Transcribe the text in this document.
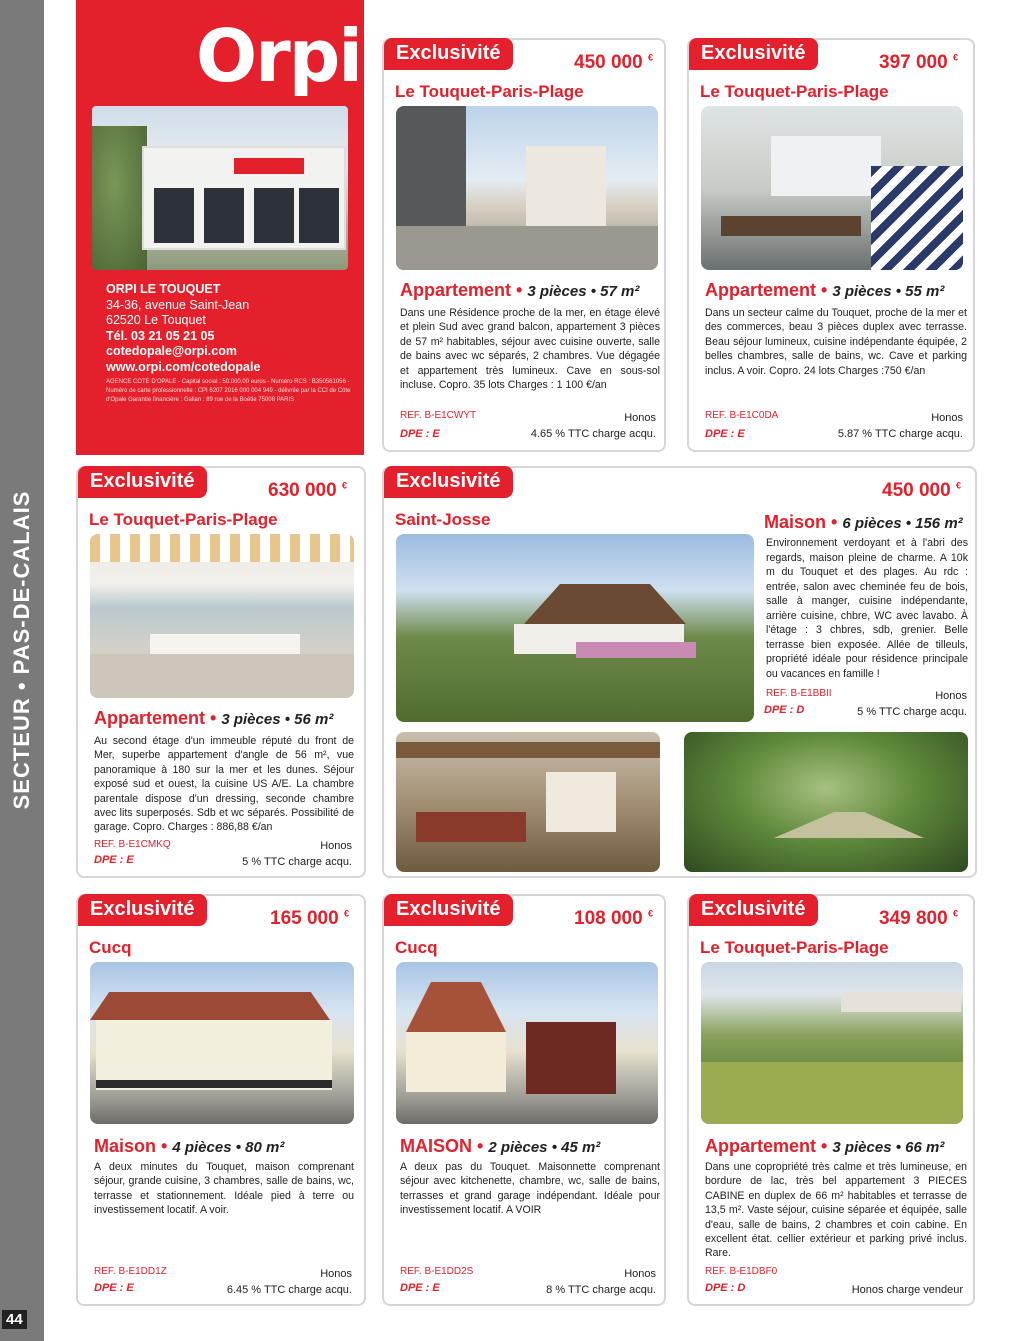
SECTEUR • PAS-DE-CALAIS
44
Orpi
ORPI LE TOUQUET
34-36, avenue Saint-Jean
62520 Le Touquet
Tél. 03 21 05 21 05
cotedopale@orpi.com
www.orpi.com/cotedopale
AGENCE COTE D'OPALE - Capital social : 50.000,00 euros - Numéro RCS : B350561056 - Numéro de carte professionnelle : CPI 6207 2016 000 004 949 - délivrée par la CCI de Côte d'Opale Garantie financière : Galian : 89 rue de la Boétie 75008 PARIS
Exclusivité	450 000 €
Le Touquet-Paris-Plage
Appartement • 3 pièces • 57 m²
Dans une Résidence proche de la mer, en étage élevé et plein Sud avec grand balcon, appartement 3 pièces de 57 m² habitables, séjour avec cuisine ouverte, salle de bains avec wc séparés, 2 chambres. Vue dégagée et appartement très lumineux. Cave en sous-sol incluse. Copro. 35 lots Charges : 1 100 €/an
REF. B-E1CWYT	Honos
DPE : E	4.65 % TTC charge acqu.
Exclusivité	397 000 €
Le Touquet-Paris-Plage
Appartement • 3 pièces • 55 m²
Dans un secteur calme du Touquet, proche de la mer et des commerces, beau 3 pièces duplex avec terrasse. Beau séjour lumineux, cuisine indépendante équipée, 2 belles chambres, salle de bains, wc. Cave et parking inclus. A voir. Copro. 24 lots Charges :750 €/an
REF. B-E1C0DA	Honos
DPE : E	5.87 % TTC charge acqu.
Exclusivité	630 000 €
Le Touquet-Paris-Plage
Appartement • 3 pièces • 56 m²
Au second étage d'un immeuble réputé du front de Mer, superbe appartement d'angle de 56 m², vue panoramique à 180 sur la mer et les dunes. Séjour exposé sud et ouest, la cuisine US A/E. La chambre parentale dispose d'un dressing, seconde chambre avec lits superposés. Sdb et wc séparés. Possibilité de garage. Copro. Charges : 886,88 €/an
REF. B-E1CMKQ	Honos
DPE : E	5 % TTC charge acqu.
Exclusivité	450 000 €
Saint-Josse	Maison • 6 pièces • 156 m²
Environnement verdoyant et à l'abri des regards, maison pleine de charme. A 10k m du Touquet et des plages. Au rdc : entrée, salon avec cheminée feu de bois, salle à manger, cuisine indépendante, arrière cuisine, chbre, WC avec lavabo. À l'étage : 3 chbres, sdb, grenier. Belle terrasse bien exposée. Allée de tilleuls, propriété idéale pour résidence principale ou vacances en famille !
REF. B-E1BBII	Honos
DPE : D	5 % TTC charge acqu.
Exclusivité	165 000 €
Cucq
Maison • 4 pièces • 80 m²
A deux minutes du Touquet, maison comprenant séjour, grande cuisine, 3 chambres, salle de bains, wc, terrasse et stationnement. Idéale pied à terre ou investissement locatif. A voir.
REF. B-E1DD1Z	Honos
DPE : E	6.45 % TTC charge acqu.
Exclusivité	108 000 €
Cucq
MAISON • 2 pièces • 45 m²
A deux pas du Touquet. Maisonnette comprenant séjour avec kitchenette, chambre, wc, salle de bains, terrasses et grand garage indépendant. Idéale pour investissement locatif. A VOIR
REF. B-E1DD2S	Honos
DPE : E	8 % TTC charge acqu.
Exclusivité	349 800 €
Le Touquet-Paris-Plage
Appartement • 3 pièces • 66 m²
Dans une copropriété très calme et très lumineuse, en bordure de lac, très bel appartement 3 PIECES CABINE en duplex de 66 m² habitables et terrasse de 13,5 m². Vaste séjour, cuisine séparée et équipée, salle d'eau, salle de bains, 2 chambres et coin cabine. En excellent état. cellier extérieur et parking privé inclus. Rare.
REF. B-E1DBF0
DPE : D	Honos charge vendeur
